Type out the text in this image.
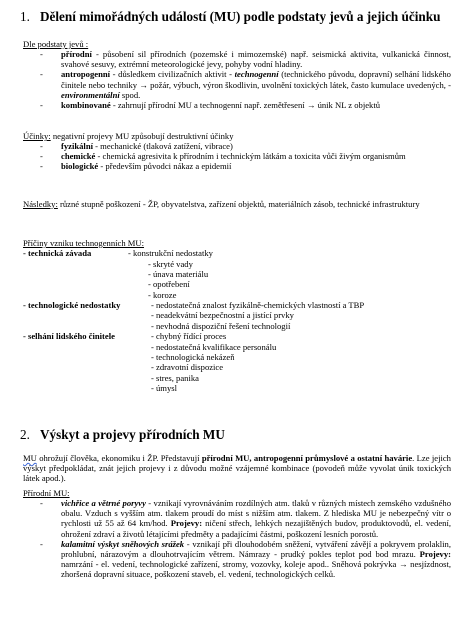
1. Dělení mimořádných událostí (MU) podle podstaty jevů a jejich účinku
Dle podstaty jevů :
- přírodní - působení sil přírodních (pozemské i mimozemské) např. seismická aktivita, vulkanická činnost, svahové sesuvy, extrémní meteorologické jevy, pohyby vodní hladiny.
- antropogenní - důsledkem civilizačních aktivit - technogenní (technického původu, dopravní) selhání lidského činitele nebo techniky → požár, výbuch, výron škodlivin, uvolnění toxických látek, často kumulace uvedených, - environmentální spod.
- kombinované - zahrnují přírodní MU a technogenní např. zemětřesení → únik NL z objektů
Účinky: negativní projevy MU způsobují destruktivní účinky
- fyzikální - mechanické (tlaková zatížení, vibrace)
- chemické - chemická agresivita k přírodním i technickým látkám a toxicita vůči živým organismům
- biologické - především původci nákaz a epidemií
Následky: různé stupně poškození - ŽP, obyvatelstva, zařízení objektů, materiálních zásob, technické infrastruktury
Příčiny vzniku technogenních MU:
- technická závada	- konstrukční nedostatky
- skryté vady
- únava materiálu
- opotřebení
- koroze
- technologické nedostatky	- nedostatečná znalost fyzikálně-chemických vlastností a TBP
- neadekvátní bezpečnostní a jistící prvky
- nevhodná dispoziční řešení technologií
- selhání lidského činitele	- chybný řídící proces
- nedostatečná kvalifikace personálu
- technologická nekázeň
- zdravotní dispozice
- stres, panika
- úmysl
2. Výskyt a projevy přírodních MU
MU ohrožují člověka, ekonomiku i ŽP. Představují přírodní MU, antropogenní průmyslové a ostatní havárie. Lze jejich výskyt předpokládat, znát jejich projevy i z důvodu možné vzájemné kombinace (povodeň může vyvolat únik toxických látek apod.).
Přírodní MU:
- vichřice a větrné poryvy - vznikají vyrovnáváním rozdílných atm. tlaků v různých místech zemského vzdušného obalu. Vzduch s vyšším atm. tlakem proudí do míst s nižším atm. tlakem. Z hlediska MU je nebezpečný vítr o rychlosti už 55 až 64 km/hod. Projevy: ničení střech, lehkých nezajištěných budov, produktovodů, el. vedení, ohrožení zdraví a životů létajícími předměty a padajícími částmi, poškození lesních porostů.
- kalamitní výskyt sněhových srážek - vznikají při dlouhodobém sněžení, vytváření závějí a pokryvem prolaklin, prohlubní, nárazovým a dlouhotrvajícím větrem. Námrazy - prudký pokles teplot pod bod mrazu. Projevy: namrzání - el. vedení, technologické zařízení, stromy, vozovky, koleje apod.. Sněhová pokrývka → nesjízdnost, zhoršená dopravní situace, poškození staveb, el. vedení, technologických celků.
